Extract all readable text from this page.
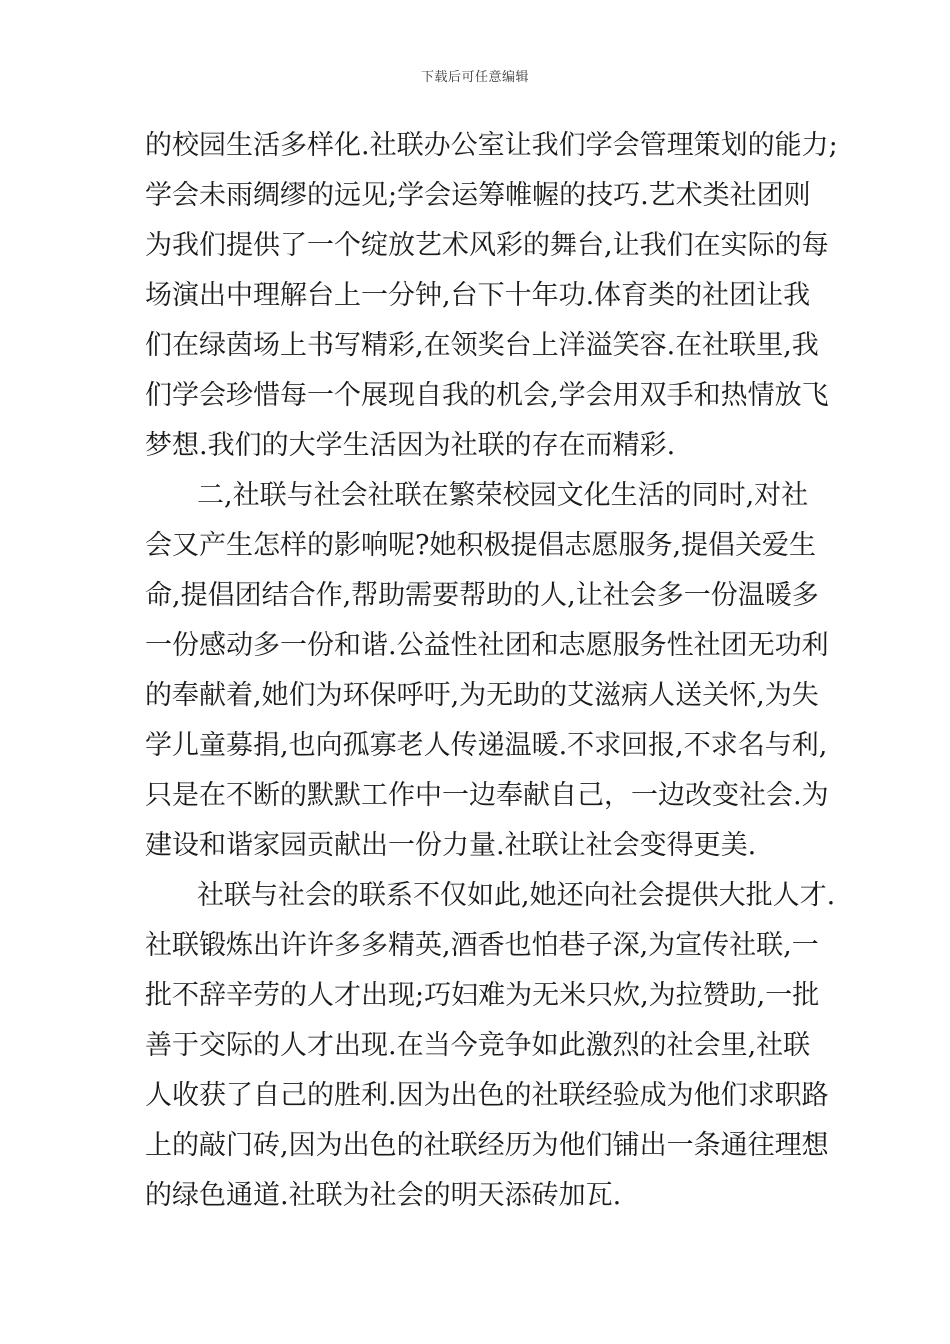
下载后可任意编辑
的校园生活多样化.社联办公室让我们学会管理策划的能力;
学会未雨绸缪的远见;学会运筹帷幄的技巧.艺术类社团则
为我们提供了一个绽放艺术风彩的舞台,让我们在实际的每
场演出中理解台上一分钟,台下十年功.体育类的社团让我
们在绿茵场上书写精彩,在领奖台上洋溢笑容.在社联里,我
们学会珍惜每一个展现自我的机会,学会用双手和热情放飞
梦想.我们的大学生活因为社联的存在而精彩.
二,社联与社会社联在繁荣校园文化生活的同时,对社
会又产生怎样的影响呢?她积极提倡志愿服务,提倡关爱生
命,提倡团结合作,帮助需要帮助的人,让社会多一份温暖多
一份感动多一份和谐.公益性社团和志愿服务性社团无功利
的奉献着,她们为环保呼吁,为无助的艾滋病人送关怀,为失
学儿童募捐,也向孤寡老人传递温暖.不求回报,不求名与利,
只是在不断的默默工作中一边奉献自己，一边改变社会.为
建设和谐家园贡献出一份力量.社联让社会变得更美.
社联与社会的联系不仅如此,她还向社会提供大批人才.
社联锻炼出许许多多精英,酒香也怕巷子深,为宣传社联,一
批不辞辛劳的人才出现;巧妇难为无米只炊,为拉赞助,一批
善于交际的人才出现.在当今竞争如此激烈的社会里,社联
人收获了自己的胜利.因为出色的社联经验成为他们求职路
上的敲门砖,因为出色的社联经历为他们铺出一条通往理想
的绿色通道.社联为社会的明天添砖加瓦.
